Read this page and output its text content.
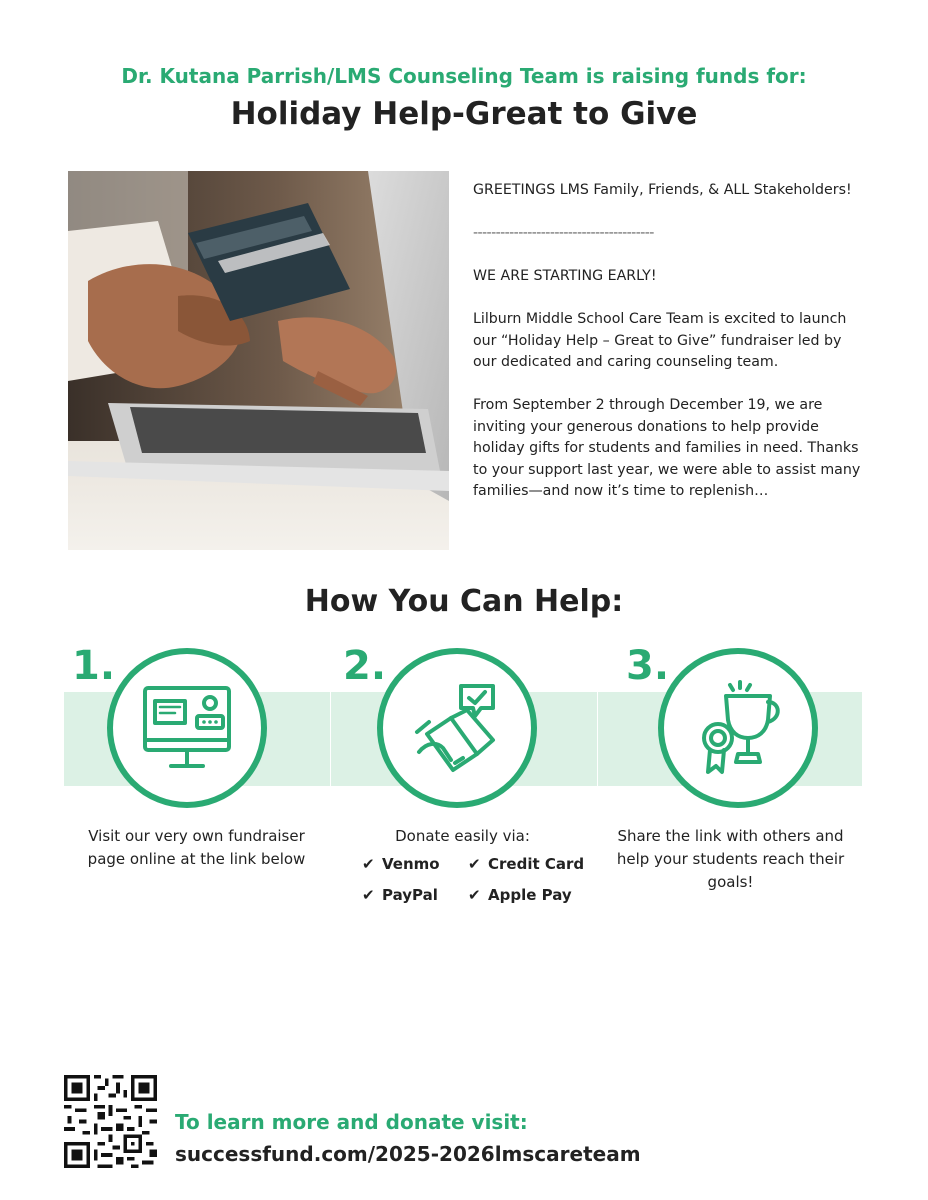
Dr. Kutana Parrish/LMS Counseling Team is raising funds for:
Holiday Help-Great to Give

GREETINGS LMS Family, Friends, & ALL Stakeholders!

----------------------------------------

WE ARE STARTING EARLY!

Lilburn Middle School Care Team is excited to launch our “Holiday Help – Great to Give” fundraiser led by our dedicated and caring counseling team.

From September 2 through December 19, we are inviting your generous donations to help provide holiday gifts for students and families in need. Thanks to your support last year, we were able to assist many families—and now it’s time to replenish…

How You Can Help:
1.
Visit our very own fundraiser page online at the link below
2.
Donate easily via:
✔ Venmo ✔ Credit Card
✔ PayPal ✔ Apple Pay
3.
Share the link with others and help your students reach their goals!
To learn more and donate visit:
successfund.com/2025-2026lmscareteam
